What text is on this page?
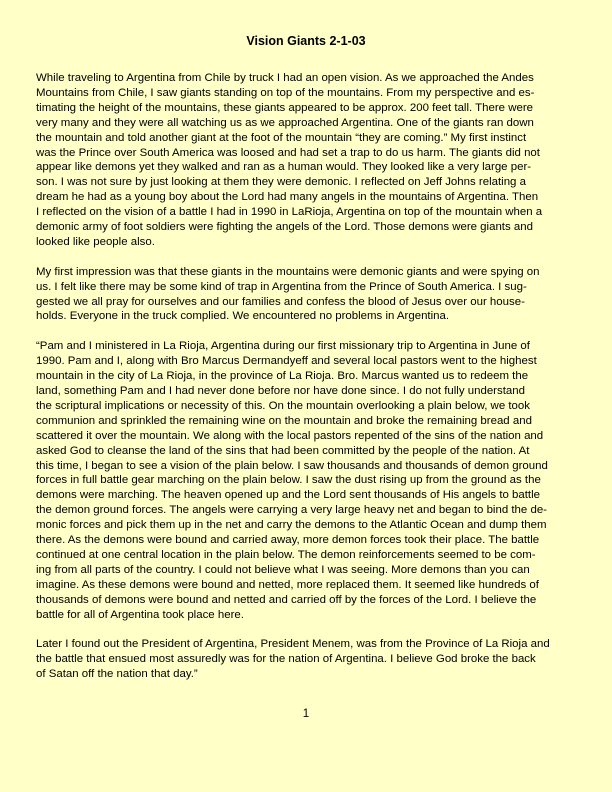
Vision Giants 2-1-03
While traveling to Argentina from Chile by truck I had an open vision. As we approached the Andes
Mountains from Chile, I saw giants standing on top of the mountains. From my perspective and es-
timating the height of the mountains, these giants appeared to be approx. 200 feet tall. There were
very many and they were all watching us as we approached Argentina. One of the giants ran down
the mountain and told another giant at the foot of the mountain “they are coming.” My first instinct
was the Prince over South America was loosed and had set a trap to do us harm. The giants did not
appear like demons yet they walked and ran as a human would. They looked like a very large per-
son. I was not sure by just looking at them they were demonic. I reflected on Jeff Johns relating a
dream he had as a young boy about the Lord had many angels in the mountains of Argentina. Then
I reflected on the vision of a battle I had in 1990 in LaRioja, Argentina on top of the mountain when a
demonic army of foot soldiers were fighting the angels of the Lord. Those demons were giants and
looked like people also.
My first impression was that these giants in the mountains were demonic giants and were spying on
us. I felt like there may be some kind of trap in Argentina from the Prince of South America. I sug-
gested we all pray for ourselves and our families and confess the blood of Jesus over our house-
holds. Everyone in the truck complied. We encountered no problems in Argentina.
“Pam and I ministered in La Rioja, Argentina during our first missionary trip to Argentina in June of
1990. Pam and I, along with Bro Marcus Dermandyeff and several local pastors went to the highest
mountain in the city of La Rioja, in the province of La Rioja. Bro. Marcus wanted us to redeem the
land, something Pam and I had never done before nor have done since. I do not fully understand
the scriptural implications or necessity of this. On the mountain overlooking a plain below, we took
communion and sprinkled the remaining wine on the mountain and broke the remaining bread and
scattered it over the mountain. We along with the local pastors repented of the sins of the nation and
asked God to cleanse the land of the sins that had been committed by the people of the nation. At
this time, I began to see a vision of the plain below. I saw thousands and thousands of demon ground
forces in full battle gear marching on the plain below. I saw the dust rising up from the ground as the
demons were marching. The heaven opened up and the Lord sent thousands of His angels to battle
the demon ground forces. The angels were carrying a very large heavy net and began to bind the de-
monic forces and pick them up in the net and carry the demons to the Atlantic Ocean and dump them
there. As the demons were bound and carried away, more demon forces took their place. The battle
continued at one central location in the plain below. The demon reinforcements seemed to be com-
ing from all parts of the country. I could not believe what I was seeing. More demons than you can
imagine. As these demons were bound and netted, more replaced them. It seemed like hundreds of
thousands of demons were bound and netted and carried off by the forces of the Lord. I believe the
battle for all of Argentina took place here.
Later I found out the President of Argentina, President Menem, was from the Province of La Rioja and
the battle that ensued most assuredly was for the nation of Argentina. I believe God broke the back
of Satan off the nation that day.”
1
